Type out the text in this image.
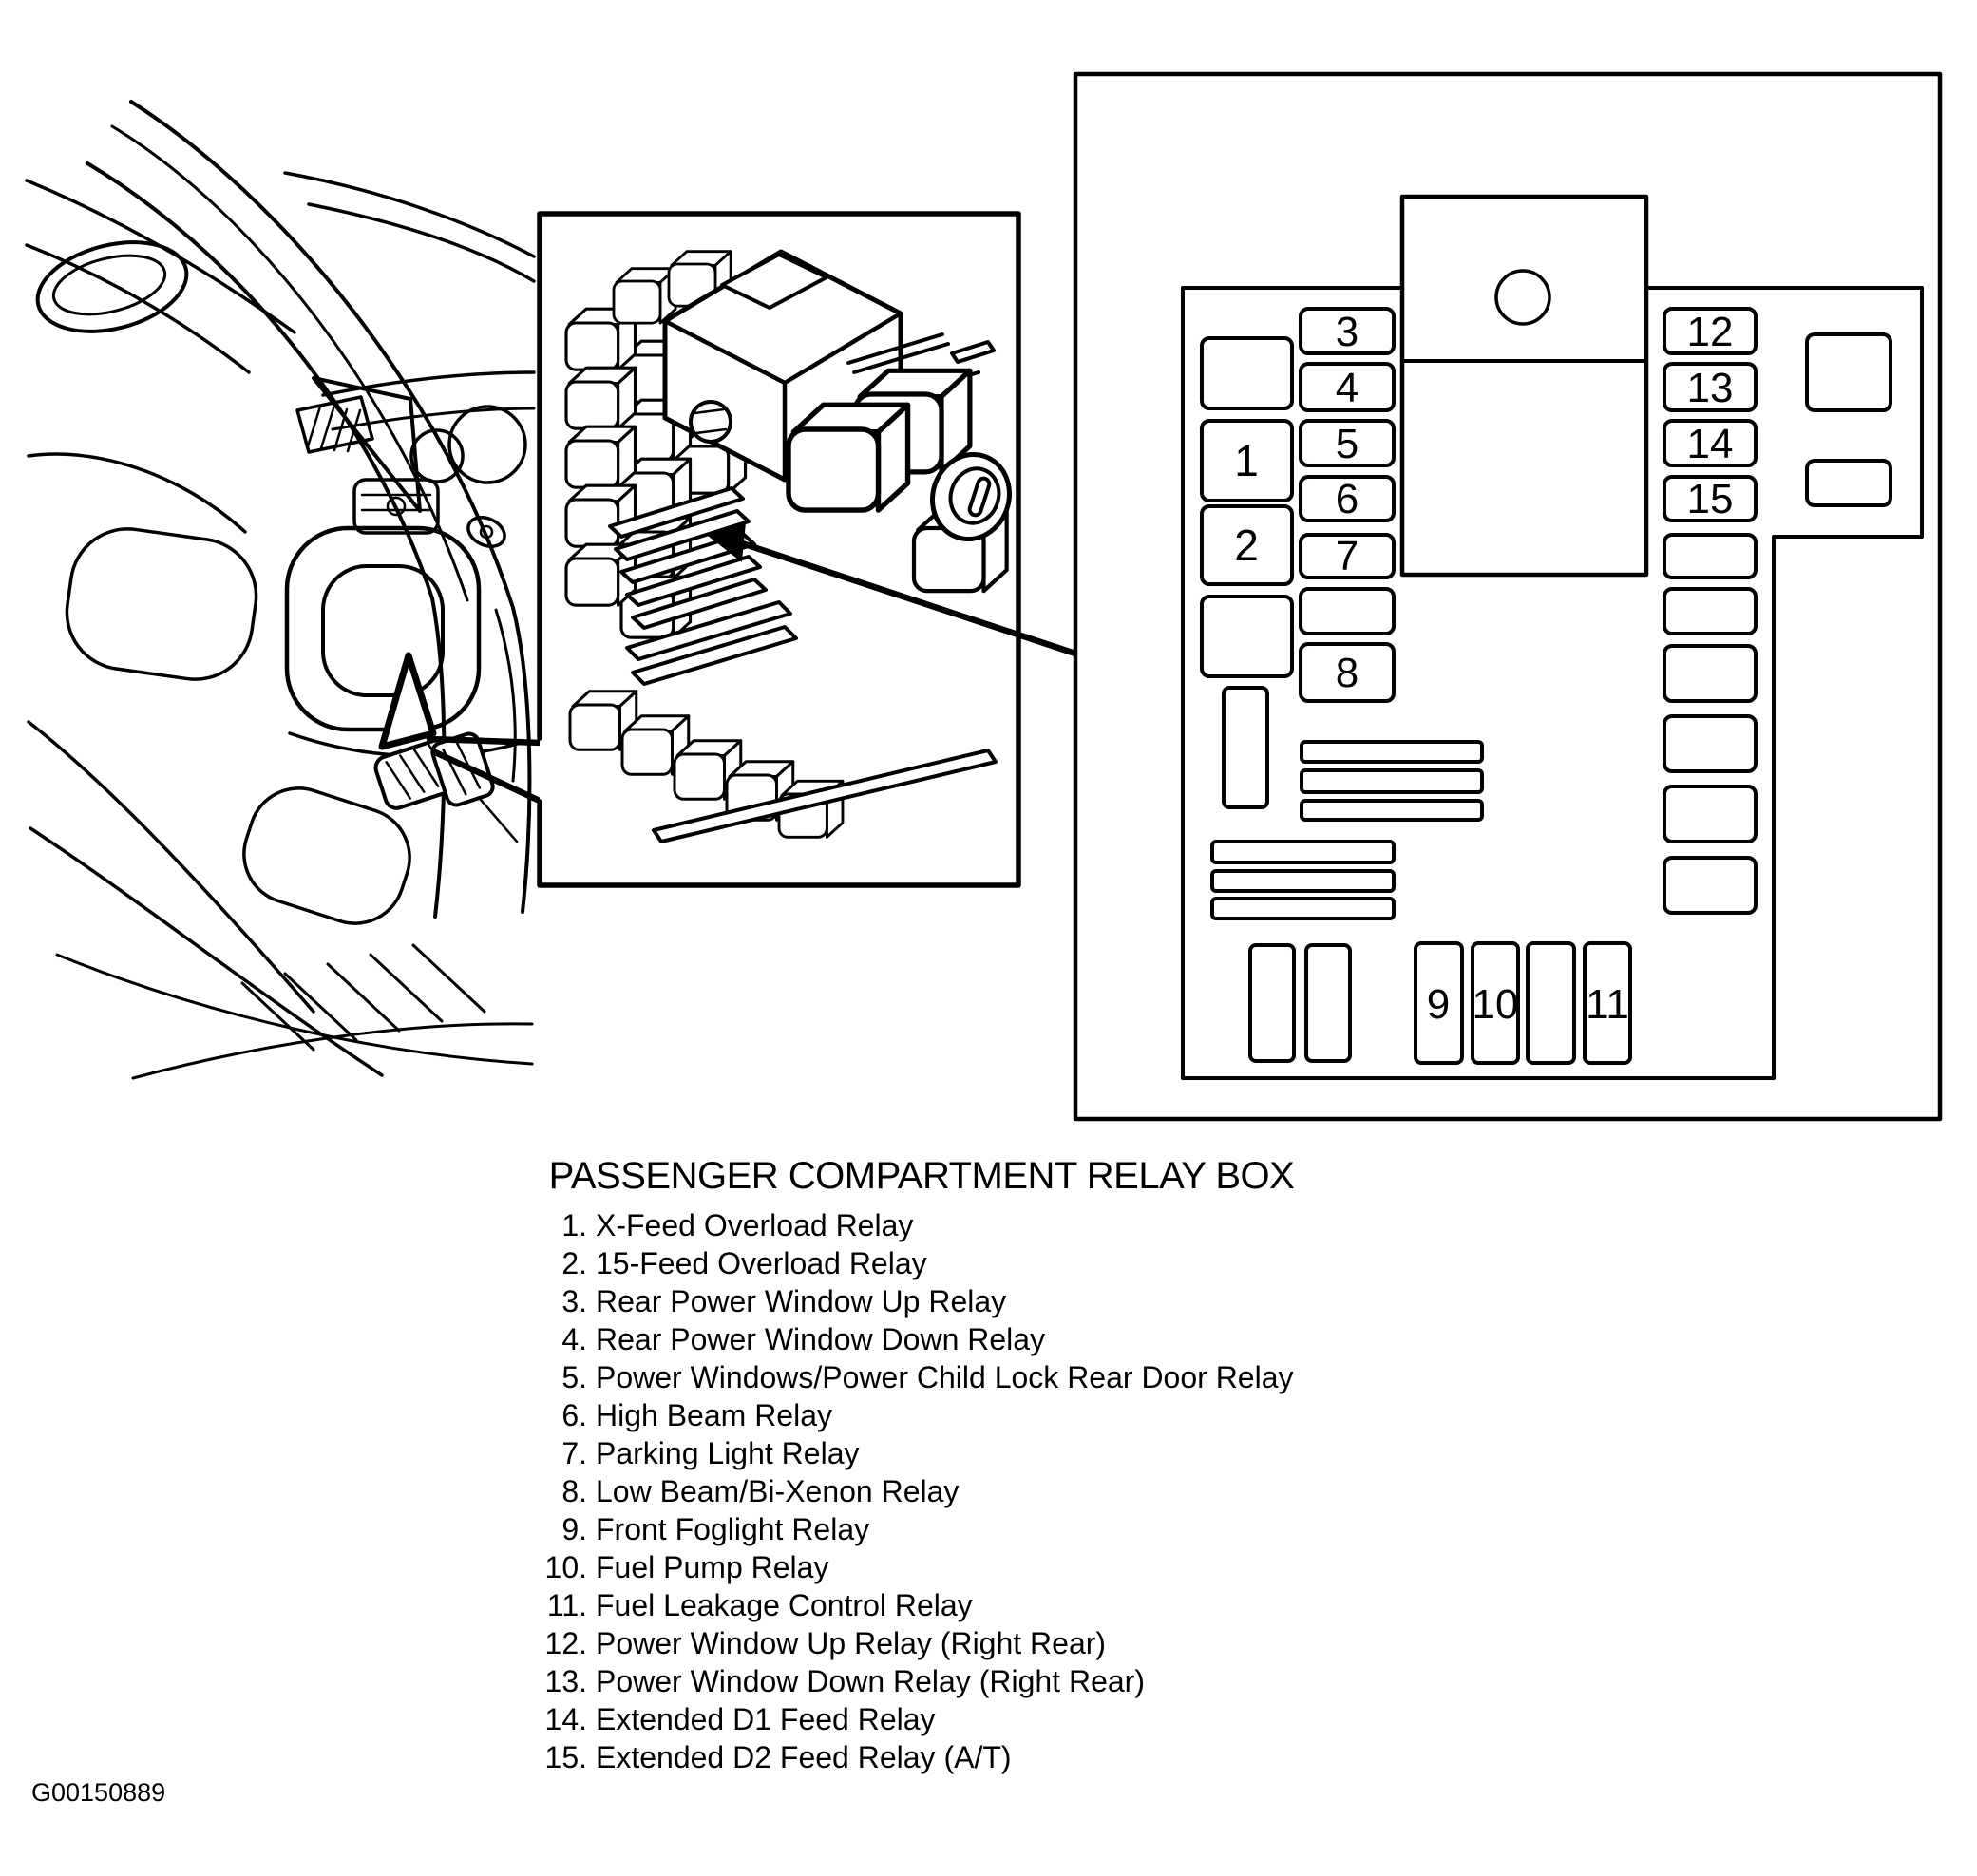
1
2
3
4
5
6
7
8
9 10 11
12
13
14
15
PASSENGER COMPARTMENT RELAY BOX
1. X-Feed Overload Relay
2. 15-Feed Overload Relay
3. Rear Power Window Up Relay
4. Rear Power Window Down Relay
5. Power Windows/Power Child Lock Rear Door Relay
6. High Beam Relay
7. Parking Light Relay
8. Low Beam/Bi-Xenon Relay
9. Front Foglight Relay
10. Fuel Pump Relay
11. Fuel Leakage Control Relay
12. Power Window Up Relay (Right Rear)
13. Power Window Down Relay (Right Rear)
14. Extended D1 Feed Relay
15. Extended D2 Feed Relay (A/T)
G00150889
